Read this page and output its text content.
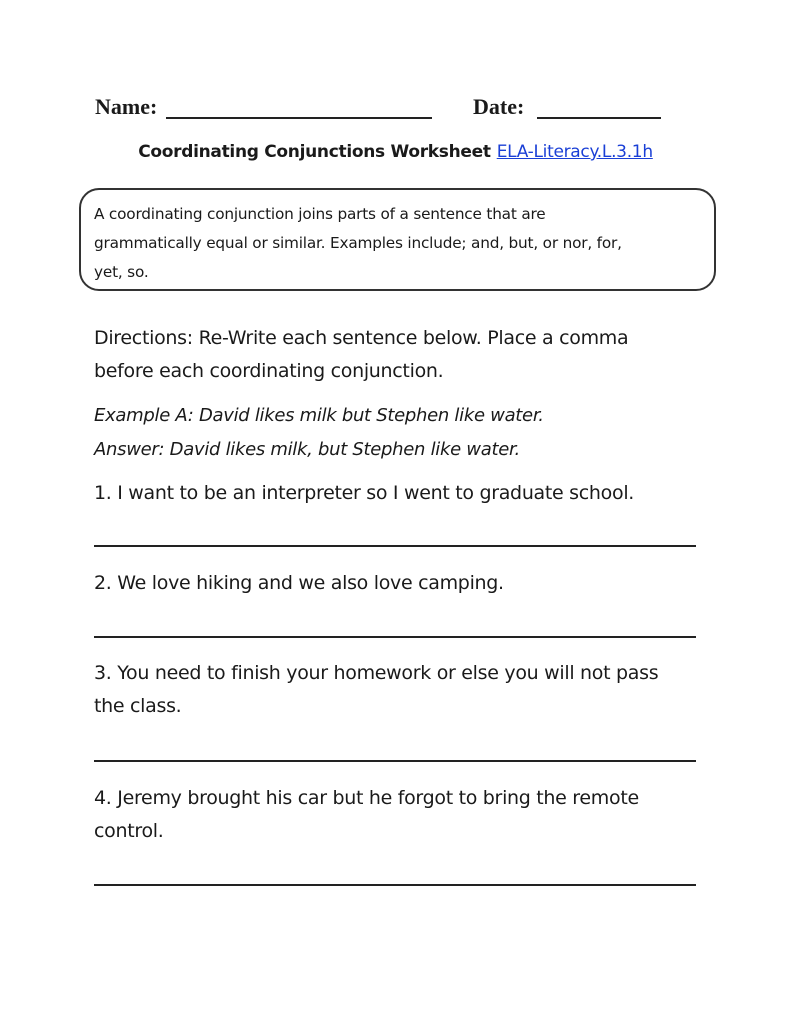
Name:	Date:
Coordinating Conjunctions Worksheet ELA-Literacy.L.3.1h
A coordinating conjunction joins parts of a sentence that are
grammatically equal or similar. Examples include; and, but, or nor, for,
yet, so.
Directions: Re-Write each sentence below. Place a comma
before each coordinating conjunction.
Example A: David likes milk but Stephen like water.
Answer: David likes milk, but Stephen like water.
1. I want to be an interpreter so I went to graduate school.
2. We love hiking and we also love camping.
3. You need to finish your homework or else you will not pass
the class.
4. Jeremy brought his car but he forgot to bring the remote
control.
